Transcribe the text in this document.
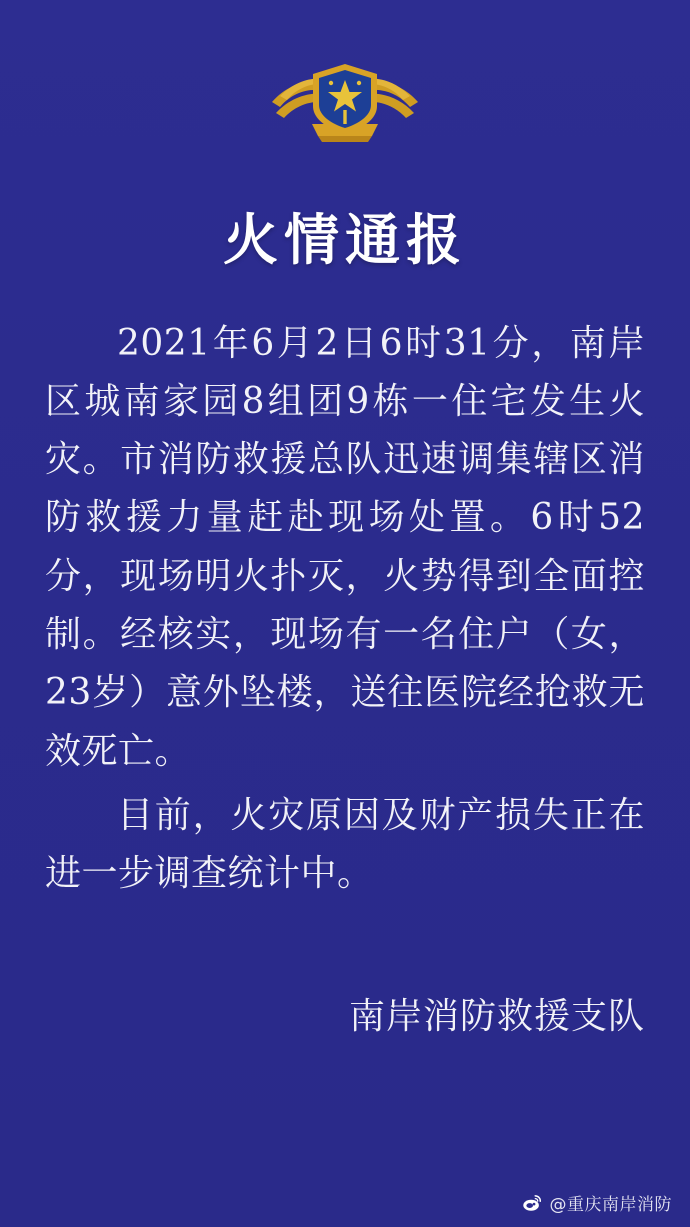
火情通报

2021年6月2日6时31分，南岸区城南家园8组团9栋一住宅发生火灾。市消防救援总队迅速调集辖区消防救援力量赶赴现场处置。6时52分，现场明火扑灭，火势得到全面控制。经核实，现场有一名住户（女，23岁）意外坠楼，送往医院经抢救无效死亡。

目前，火灾原因及财产损失正在进一步调查统计中。

南岸消防救援支队
@重庆南岸消防
